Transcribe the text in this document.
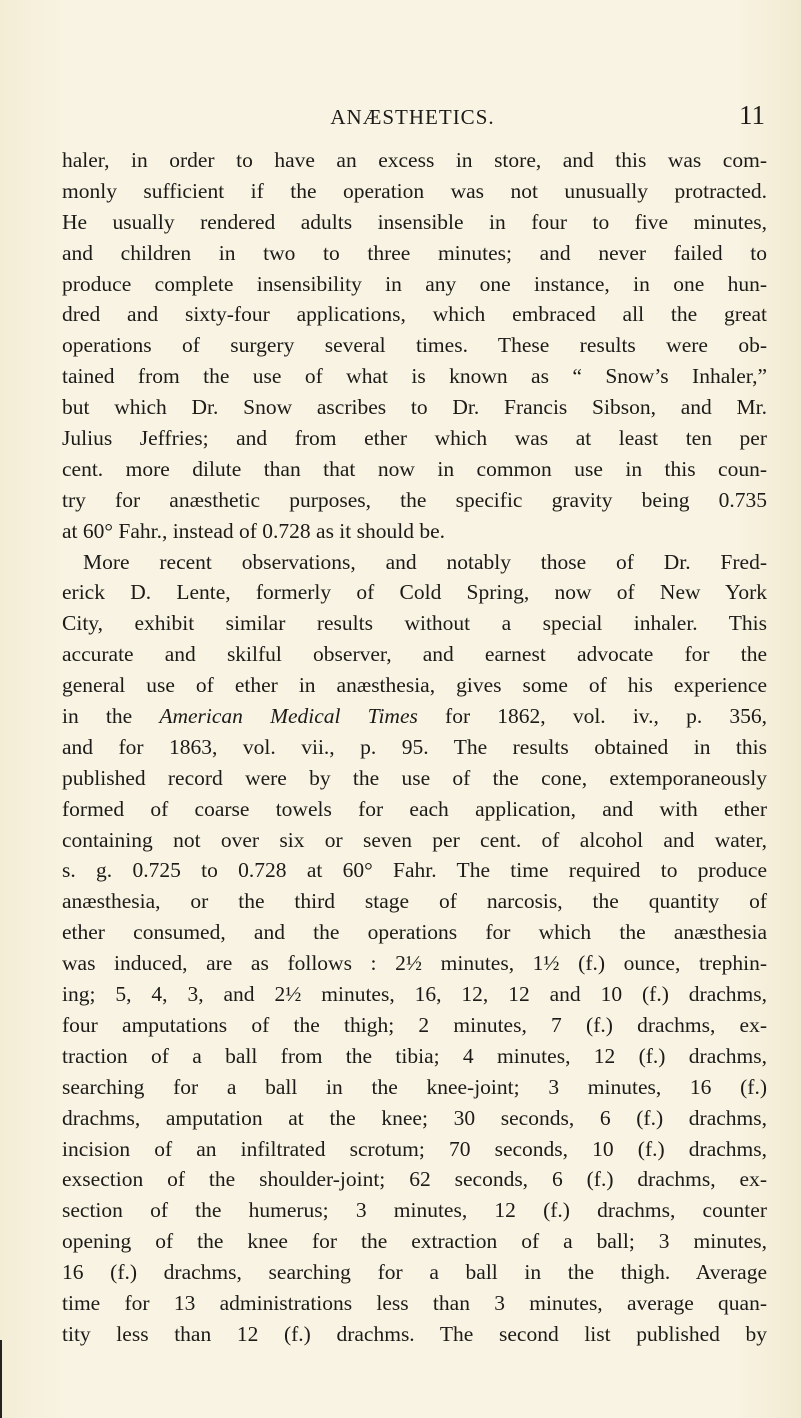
ANÆSTHETICS.	11
haler, in order to have an excess in store, and this was com-
monly sufficient if the operation was not unusually protracted.
He usually rendered adults insensible in four to five minutes,
and children in two to three minutes; and never failed to
produce complete insensibility in any one instance, in one hun-
dred and sixty-four applications, which embraced all the great
operations of surgery several times. These results were ob-
tained from the use of what is known as “ Snow’s Inhaler,”
but which Dr. Snow ascribes to Dr. Francis Sibson, and Mr.
Julius Jeffries; and from ether which was at least ten per
cent. more dilute than that now in common use in this coun-
try for anæsthetic purposes, the specific gravity being 0.735
at 60° Fahr., instead of 0.728 as it should be.
More recent observations, and notably those of Dr. Fred-
erick D. Lente, formerly of Cold Spring, now of New York
City, exhibit similar results without a special inhaler. This
accurate and skilful observer, and earnest advocate for the
general use of ether in anæsthesia, gives some of his experience
in the American Medical Times for 1862, vol. iv., p. 356,
and for 1863, vol. vii., p. 95. The results obtained in this
published record were by the use of the cone, extemporaneously
formed of coarse towels for each application, and with ether
containing not over six or seven per cent. of alcohol and water,
s. g. 0.725 to 0.728 at 60° Fahr. The time required to produce
anæsthesia, or the third stage of narcosis, the quantity of
ether consumed, and the operations for which the anæsthesia
was induced, are as follows : 2½ minutes, 1½ (f.) ounce, trephin-
ing; 5, 4, 3, and 2½ minutes, 16, 12, 12 and 10 (f.) drachms,
four amputations of the thigh; 2 minutes, 7 (f.) drachms, ex-
traction of a ball from the tibia; 4 minutes, 12 (f.) drachms,
searching for a ball in the knee-joint; 3 minutes, 16 (f.)
drachms, amputation at the knee; 30 seconds, 6 (f.) drachms,
incision of an infiltrated scrotum; 70 seconds, 10 (f.) drachms,
exsection of the shoulder-joint; 62 seconds, 6 (f.) drachms, ex-
section of the humerus; 3 minutes, 12 (f.) drachms, counter
opening of the knee for the extraction of a ball; 3 minutes,
16 (f.) drachms, searching for a ball in the thigh. Average
time for 13 administrations less than 3 minutes, average quan-
tity less than 12 (f.) drachms. The second list published by
